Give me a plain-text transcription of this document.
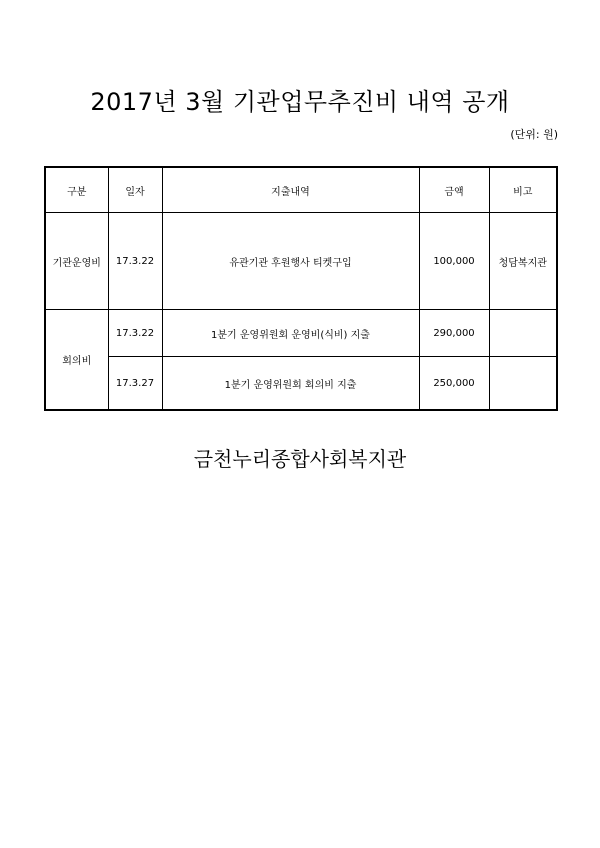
2017년 3월 기관업무추진비 내역 공개
(단위: 원)
구분	일자	지출내역	금액	비고
기관운영비	17.3.22	유관기관 후원행사 티켓구입	100,000	청담복지관
회의비	17.3.22	1분기 운영위원회 운영비(식비) 지출	290,000	
	17.3.27	1분기 운영위원회 회의비 지출	250,000	
금천누리종합사회복지관
